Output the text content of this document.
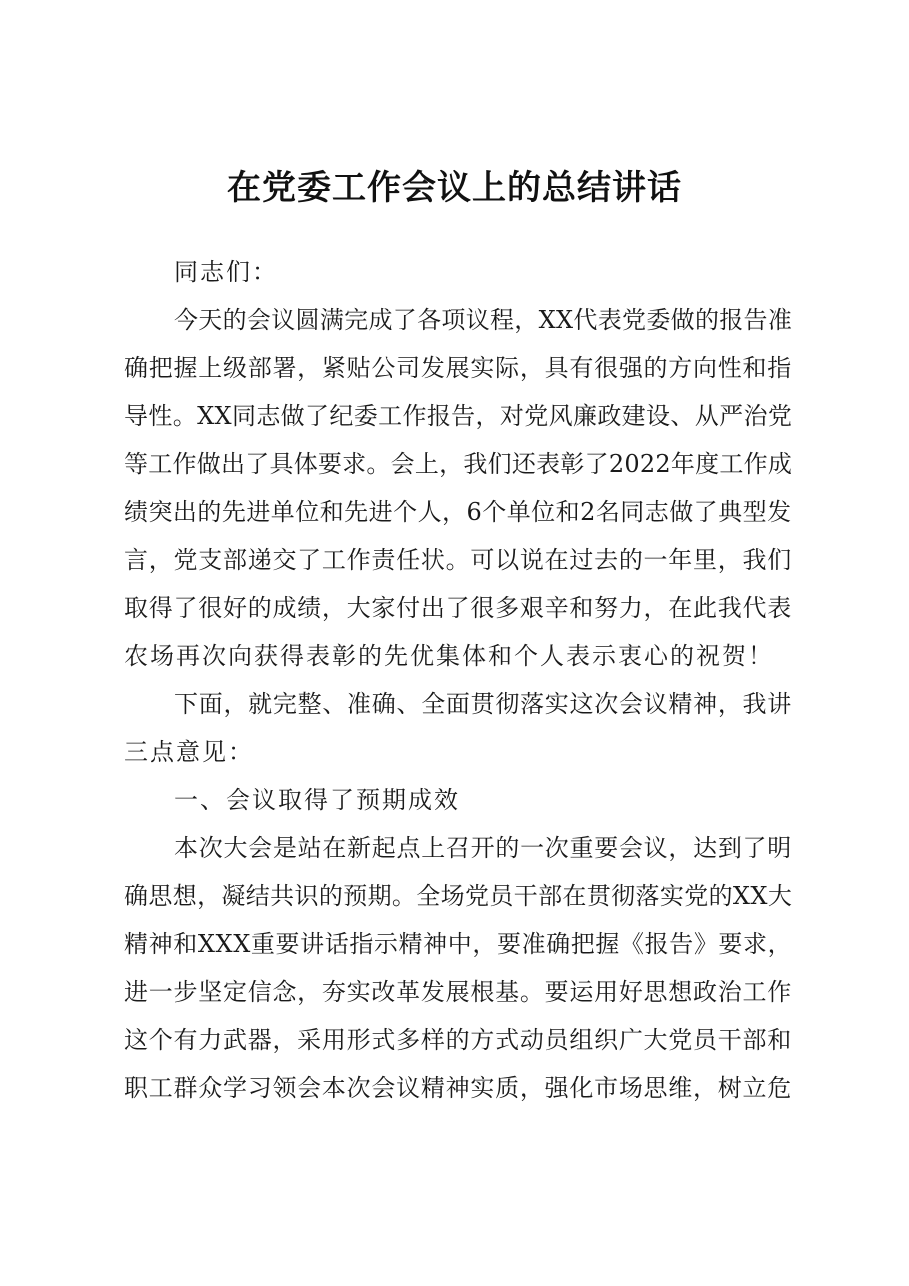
在党委工作会议上的总结讲话
同志们：
今天的会议圆满完成了各项议程，XX代表党委做的报告准
确把握上级部署，紧贴公司发展实际，具有很强的方向性和指
导性。XX同志做了纪委工作报告，对党风廉政建设、从严治党
等工作做出了具体要求。会上，我们还表彰了2022年度工作成
绩突出的先进单位和先进个人，6个单位和2名同志做了典型发
言，党支部递交了工作责任状。可以说在过去的一年里，我们
取得了很好的成绩，大家付出了很多艰辛和努力，在此我代表
农场再次向获得表彰的先优集体和个人表示衷心的祝贺！
下面，就完整、准确、全面贯彻落实这次会议精神，我讲
三点意见：
一、会议取得了预期成效
本次大会是站在新起点上召开的一次重要会议，达到了明
确思想，凝结共识的预期。全场党员干部在贯彻落实党的XX大
精神和XXX重要讲话指示精神中，要准确把握《报告》要求，
进一步坚定信念，夯实改革发展根基。要运用好思想政治工作
这个有力武器，采用形式多样的方式动员组织广大党员干部和
职工群众学习领会本次会议精神实质，强化市场思维，树立危
